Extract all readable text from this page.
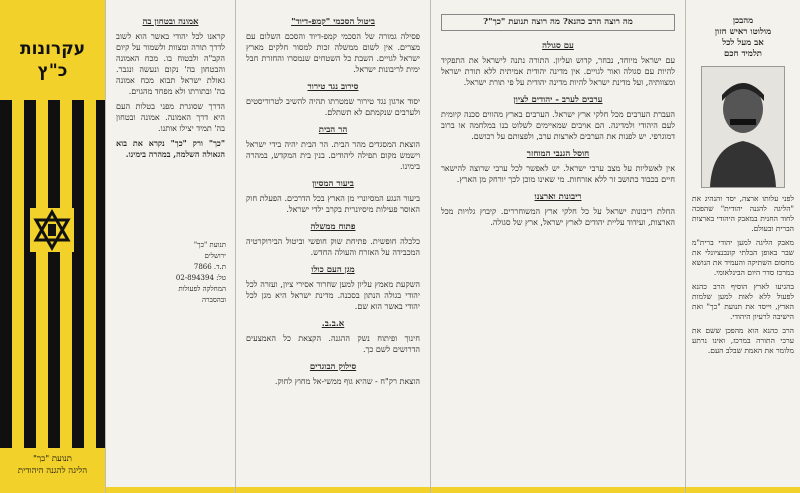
עקרונות
כ"ץ
תנועת "כך"
הליגה להגנה היהודית
אמונה ובטחון בה

קראנו לכל יהודי באשר הוא לשוב לדרך תורה ומצוות ולשמור על קיום הקב"ה ולבטוח בו. מכח האמונה והבטחון בה' נקום ונעשה ונגבר. גאולת ישראל תבוא מכח אמונה בה' ובתורתו ולא מפחד מהגוים.

הדרך שסוגרת מפני בטלות העם היא דרך האמונה. אמונה ובטחון בה' תמיד יצילו אותנו.

"כך" ורק "כך" נקרא את בוא הגאולה השלמה, במהרה בימינו.

תנועת "כך"
ירושלים
ת.ד. 7866
טל: 02-894394
המחלקה לפעולות
ובהסברה
ביטול הסכמי "קמפ-דיוד"

פסילה גמורה של הסכמי קמפ-דיוד והסכם השלום עם מצרים. אין לשום ממשלה זכות למסור חלקים מארץ ישראל לגויים. השבת כל השטחים שנמסרו והחזרת חבל ימית לריבונות ישראל.

סירוב נגד טירור

יסוד ארגון נגד טירור שמטרתו תהיה להשיב לטרוריסטים ולערבים שנקמתם לא תשתלם.

הר הבית

הוצאת המסגדים מהר הבית. הר הבית יהיה בידי ישראל וישמש מקום תפילה ליהודים. בנין בית המקדש, במהרה בימינו.

ביעור המסיון

ביעור הנגע המסיונרי מן הארץ בכל הדרכים. הפעלת חוק האוסר פעילות מיסיונרית בקרב ילדי ישראל.

פתוח ממשלה

כלכלה חופשית. פתיחת שוק חופשי וביטול הבירוקרטיה המכבידה על האזרח והעולה החדש.

מגן העם כולו

השקעת מאמץ עליון למען שחרור אסירי ציון, ועזרה לכל יהודי בגולה הנתון בסכנה. מדינת ישראל היא מגן לכל יהודי באשר הוא שם.

א.ב.ב.

חינוך ופיתוח נשק ההגנה. הקצאת כל האמצעים הדרושים לשם כך.

סילוק הבוגדים

הוצאת רק"ח - שהיא גוף ממשי-אל מחוץ לחוק.

מה רוצה הרב כהנא? מה רוצה תנועת "כך"?
עם סגולה

עם ישראל מיוחד, נבחר, קדוש ועליון. התורה נתנה לישראל את התפקיד להיות עם סגולה ואור לגויים. אין מדינה יהודית אמיתית ללא תורת ישראל ומצוותיה, ועל מדינת ישראל להיות מדינה יהודית על פי תורת ישראל.

ערבים לערב - יהודים לציון

העברת הערבים מכל חלקי ארץ ישראל. הערבים בארץ מהווים סכנה קיומית לעם היהודי ולמדינה. הם אויבים שמאיימים לשלוט בנו במלחמה או ברוב דמוגרפי. יש לפנות את הערבים לארצות ערב, ולפצותם על רכושם.

חוסל הגנבי המוחזר

אין לאשליות על מצב ערבי ישראל. יש לאפשר לכל ערבי שרוצה להישאר חיים בכבוד כתושב זר ללא אזרחות. מי שאינו מוכן לכך יורחק מן הארץ.

ריבונות וארצנו

החלת ריבונות ישראל על כל חלקי ארץ המשוחררים. קיבוץ גלויות מכל הארצות, ועידוד עליית יהודים לארץ ישראל, ארץ של סגולה.

מהבכן
מולוטו ראיש חזון
אב מעל לכל
תלמיד חכם

לפני עלותו ארצה, יסד והנהיג את "הליגה להגנה יהודית" שהפכה לחוד החנית במאבק היהודי בארצות הברית ובעולם.

מאבק הליגה למען יהודי ברית"מ שבר באופן הבלתי קונבנציונלי את מחסום השתיקה והעמיד את הנושא במרכז סדר היום הבינלאומי.

בהגיעו לארץ הוסיף הרב כהנא לפעול ללא לאות למען שלמות הארץ, וייסד את תנועת "כך" ואת הישיבה לרעיון היהודי.

הרב כהנא הוא מהפכן ששם את ערכי התורה במרכז, ואינו נרתע מלומר את האמת שבלב העם.
